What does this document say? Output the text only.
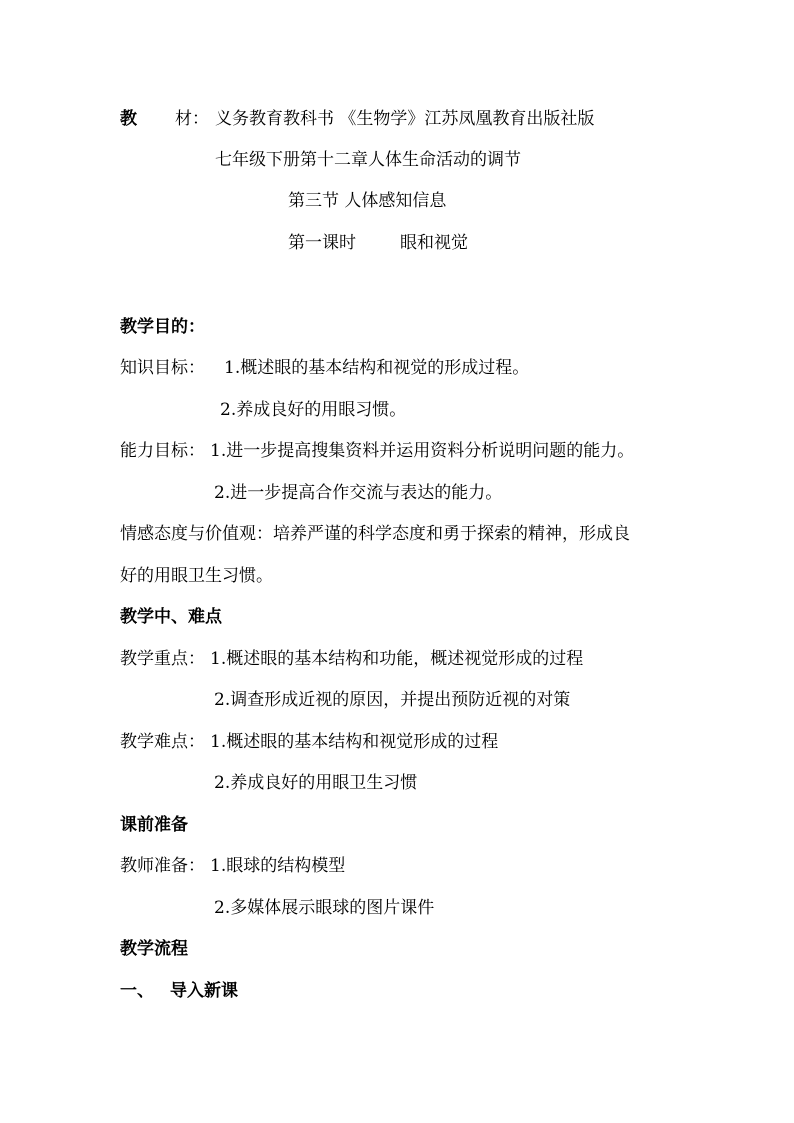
教 材： 义务教育教科书 《生物学》江苏凤凰教育出版社版
七年级下册第十二章人体生命活动的调节
第三节 人体感知信息
第一课时	眼和视觉
教学目的：
知识目标： 1.概述眼的基本结构和视觉的形成过程。
2.养成良好的用眼习惯。
能力目标： 1.进一步提高搜集资料并运用资料分析说明问题的能力。
2.进一步提高合作交流与表达的能力。
情感态度与价值观：培养严谨的科学态度和勇于探索的精神，形成良
好的用眼卫生习惯。
教学中、难点
教学重点： 1.概述眼的基本结构和功能，概述视觉形成的过程
2.调查形成近视的原因，并提出预防近视的对策
教学难点： 1.概述眼的基本结构和视觉形成的过程
2.养成良好的用眼卫生习惯
课前准备
教师准备： 1.眼球的结构模型
2.多媒体展示眼球的图片课件
教学流程
一、 导入新课
